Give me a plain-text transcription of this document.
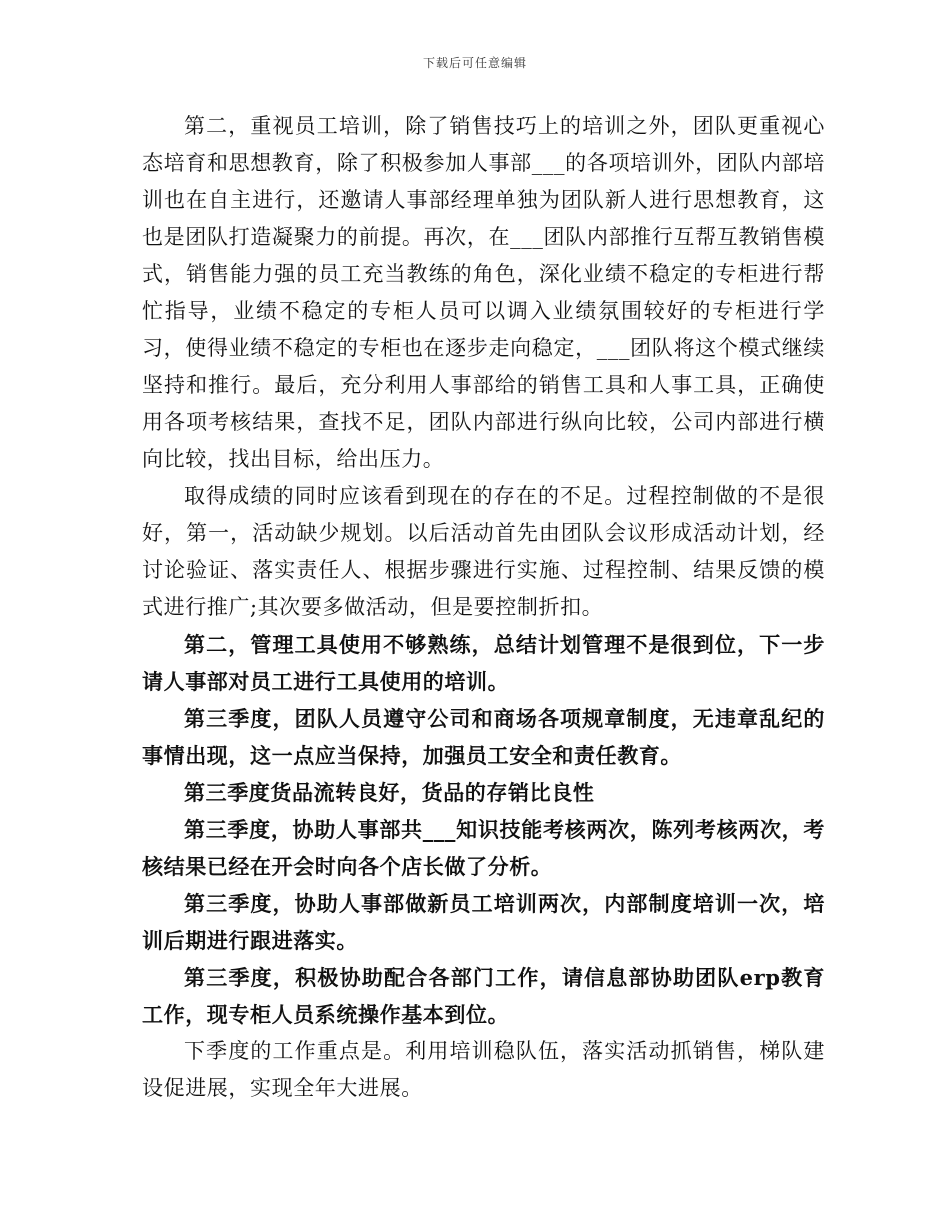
下载后可任意编辑

第二，重视员工培训，除了销售技巧上的培训之外，团队更重视心态培育和思想教育，除了积极参加人事部___的各项培训外，团队内部培训也在自主进行，还邀请人事部经理单独为团队新人进行思想教育，这也是团队打造凝聚力的前提。再次，在___团队内部推行互帮互教销售模式，销售能力强的员工充当教练的角色，深化业绩不稳定的专柜进行帮忙指导，业绩不稳定的专柜人员可以调入业绩氛围较好的专柜进行学习，使得业绩不稳定的专柜也在逐步走向稳定，___团队将这个模式继续坚持和推行。最后，充分利用人事部给的销售工具和人事工具，正确使用各项考核结果，查找不足，团队内部进行纵向比较，公司内部进行横向比较，找出目标，给出压力。

取得成绩的同时应该看到现在的存在的不足。过程控制做的不是很好，第一，活动缺少规划。以后活动首先由团队会议形成活动计划，经讨论验证、落实责任人、根据步骤进行实施、过程控制、结果反馈的模式进行推广;其次要多做活动，但是要控制折扣。

第二，管理工具使用不够熟练，总结计划管理不是很到位，下一步请人事部对员工进行工具使用的培训。

第三季度，团队人员遵守公司和商场各项规章制度，无违章乱纪的事情出现，这一点应当保持，加强员工安全和责任教育。

第三季度货品流转良好，货品的存销比良性

第三季度，协助人事部共___知识技能考核两次，陈列考核两次，考核结果已经在开会时向各个店长做了分析。

第三季度，协助人事部做新员工培训两次，内部制度培训一次，培训后期进行跟进落实。

第三季度，积极协助配合各部门工作，请信息部协助团队erp教育工作，现专柜人员系统操作基本到位。

下季度的工作重点是。利用培训稳队伍，落实活动抓销售，梯队建设促进展，实现全年大进展。
